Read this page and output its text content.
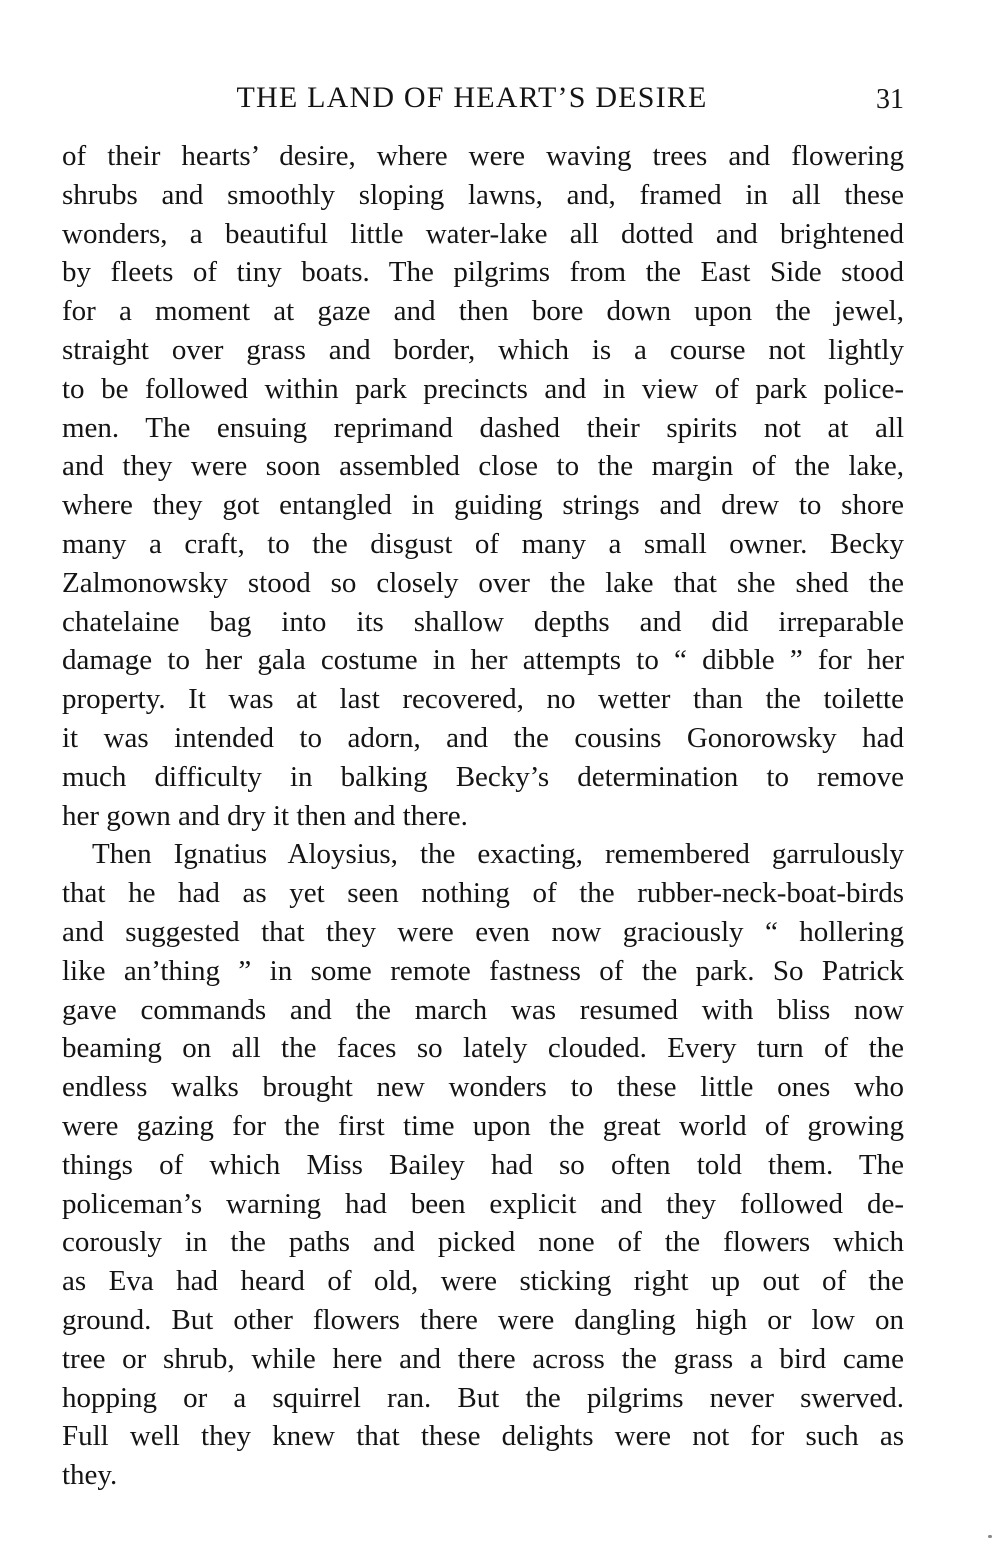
THE LAND OF HEART’S DESIRE	31
of their hearts’ desire, where were waving trees and flowering
shrubs and smoothly sloping lawns, and, framed in all these
wonders, a beautiful little water-lake all dotted and brightened
by fleets of tiny boats. The pilgrims from the East Side stood
for a moment at gaze and then bore down upon the jewel,
straight over grass and border, which is a course not lightly
to be followed within park precincts and in view of park police-
men. The ensuing reprimand dashed their spirits not at all
and they were soon assembled close to the margin of the lake,
where they got entangled in guiding strings and drew to shore
many a craft, to the disgust of many a small owner. Becky
Zalmonowsky stood so closely over the lake that she shed the
chatelaine bag into its shallow depths and did irreparable
damage to her gala costume in her attempts to “ dibble ” for her
property. It was at last recovered, no wetter than the toilette
it was intended to adorn, and the cousins Gonorowsky had
much difficulty in balking Becky’s determination to remove
her gown and dry it then and there.
Then Ignatius Aloysius, the exacting, remembered garrulously
that he had as yet seen nothing of the rubber-neck-boat-birds
and suggested that they were even now graciously “ hollering
like an’thing ” in some remote fastness of the park. So Patrick
gave commands and the march was resumed with bliss now
beaming on all the faces so lately clouded. Every turn of the
endless walks brought new wonders to these little ones who
were gazing for the first time upon the great world of growing
things of which Miss Bailey had so often told them. The
policeman’s warning had been explicit and they followed de-
corously in the paths and picked none of the flowers which
as Eva had heard of old, were sticking right up out of the
ground. But other flowers there were dangling high or low on
tree or shrub, while here and there across the grass a bird came
hopping or a squirrel ran. But the pilgrims never swerved.
Full well they knew that these delights were not for such as
they.
